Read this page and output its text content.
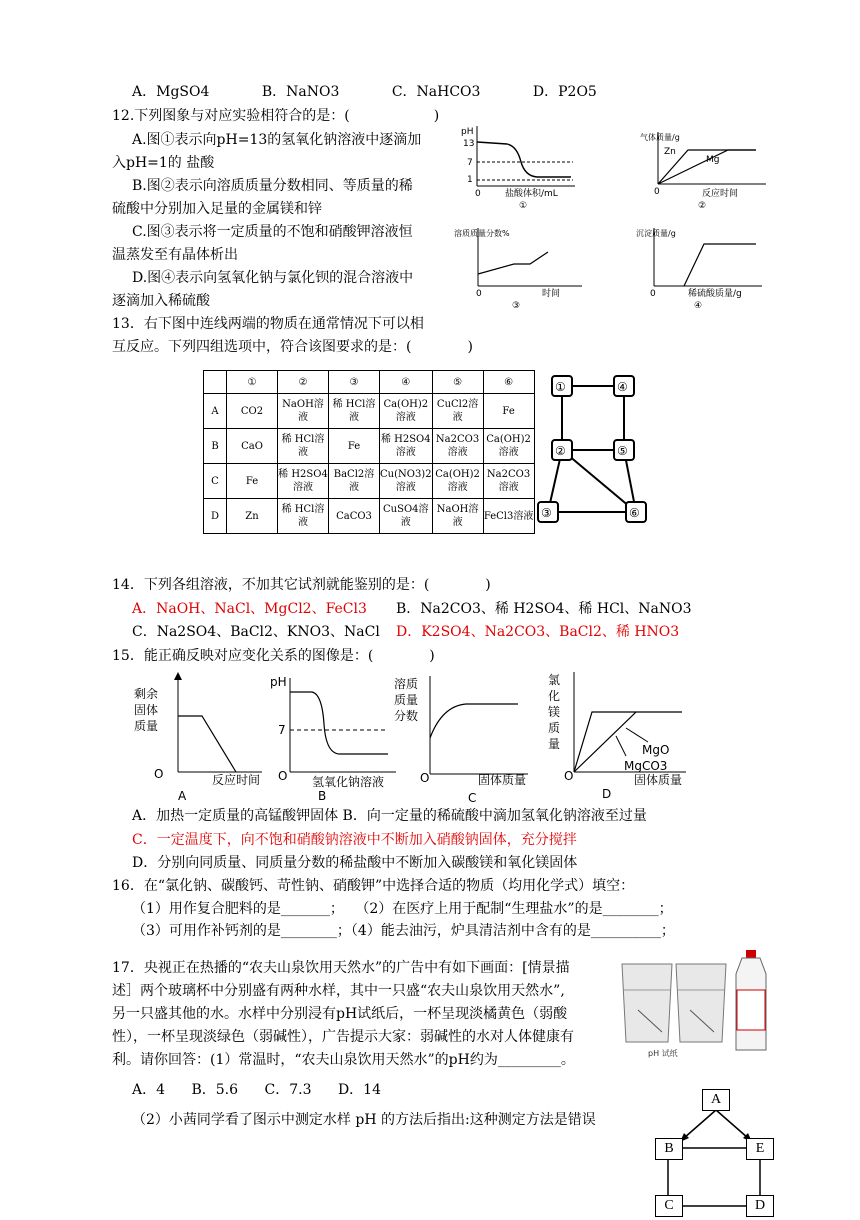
A．MgSO4	B．NaNO3	C．NaHCO3	D．P2O5
12.下列图象与对应实验相符合的是：(　　　　　　)
A.图①表示向pH=13的氢氧化钠溶液中逐滴加
入pH=1的 盐酸
B.图②表示向溶质质量分数相同、等质量的稀
硫酸中分别加入足量的金属镁和锌
C.图③表示将一定质量的不饱和硝酸钾溶液恒
温蒸发至有晶体析出
D.图④表示向氢氧化钠与氯化钡的混合溶液中
逐滴加入稀硫酸
pH
13
7
1
0	盐酸体积/mL
①
气体质量/g
Zn
Mg
0	反应时间
②
溶质质量分数%
0	时间
③
沉淀质量/g
0	稀硫酸质量/g
④
13．右下图中连线两端的物质在通常情况下可以相
互反应。下列四组选项中，符合该图要求的是：(　　　　)
	①	②	③	④	⑤	⑥
A	CO2	NaOH溶液	稀 HCl溶液	Ca(OH)2溶液	CuCl2溶液	Fe
B	CaO	稀 HCl溶液	Fe	稀 H2SO4溶液	Na2CO3溶液	Ca(OH)2溶液
C	Fe	稀 H2SO4溶液	BaCl2溶液	Cu(NO3)2溶液	Ca(OH)2溶液	Na2CO3溶液
D	Zn	稀 HCl溶液	CaCO3	CuSO4溶液	NaOH溶液	FeCl3溶液
①	④
②	⑤
③	⑥
14．下列各组溶液，不加其它试剂就能鉴别的是：(　　　　)
A．NaOH、NaCl、MgCl2、FeCl3 B．Na2CO3、稀 H2SO4、稀 HCl、NaNO3
C．Na2SO4、BaCl2、KNO3、NaCl D．K2SO4、Na2CO3、BaCl2、稀 HNO3
15．能正确反映对应变化关系的图像是：(　　　　)
剩余
固体
质量
O	反应时间
A
pH
7
O 氢氧化钠溶液
B
溶质
质量
分数
O	固体质量
C
氯
化
镁
质
量	MgO
MgCO3
O	固体质量
D
A．加热一定质量的高锰酸钾固体 B．向一定量的稀硫酸中滴加氢氧化钠溶液至过量
C．一定温度下，向不饱和硝酸钠溶液中不断加入硝酸钠固体，充分搅拌
D．分别向同质量、同质量分数的稀盐酸中不断加入碳酸镁和氧化镁固体
16．在“氯化钠、碳酸钙、苛性钠、硝酸钾”中选择合适的物质（均用化学式）填空：
（1）用作复合肥料的是_______；　 （2）在医疗上用于配制“生理盐水”的是________；
（3）可用作补钙剂的是________；（4）能去油污，炉具清洁剂中含有的是__________；
17．央视正在热播的“农夫山泉饮用天然水”的广告中有如下画面：[情景描
述］两个玻璃杯中分别盛有两种水样，其中一只盛“农夫山泉饮用天然水”,
另一只盛其他的水。水样中分别浸有pH试纸后，一杯呈现淡橘黄色（弱酸
性），一杯呈现淡绿色（弱碱性），广告提示大家：弱碱性的水对人体健康有
利。请你回答：(1）常温时，“农夫山泉饮用天然水”的pH约为_________。	pH 试纸
A．4 B．5.6 C．7.3 D．14
（2）小茜同学看了图示中测定水样 pH 的方法后指出:这种测定方法是错误
A
B	E
C	D
